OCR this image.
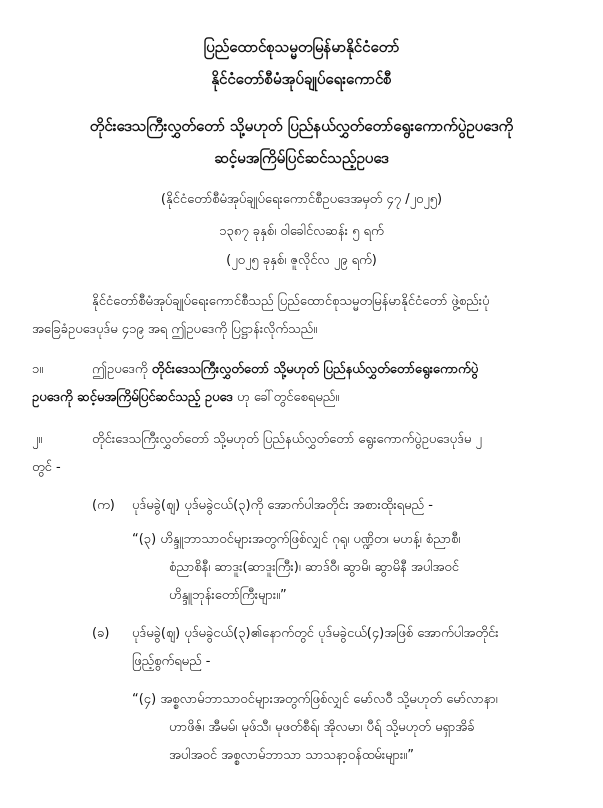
ပြည်ထောင်စုသမ္မတမြန်မာနိုင်ငံတော်
နိုင်ငံတော်စီမံအုပ်ချုပ်ရေးကောင်စီ
တိုင်းဒေသကြီးလွှတ်တော် သို့မဟုတ် ပြည်နယ်လွှတ်တော်ရွေးကောက်ပွဲဥပဒေကို
ဆင့်မအကြိမ်ပြင်ဆင်သည့်ဥပဒေ
(နိုင်ငံတော်စီမံအုပ်ချုပ်ရေးကောင်စီဥပဒေအမှတ် ၄၇ /၂၀၂၅)
၁၃၈၇ ခုနှစ်၊ ဝါခေါင်လဆန်း ၅ ရက်
(၂၀၂၅ ခုနှစ်၊ ဇူလိုင်လ ၂၉ ရက်)
နိုင်ငံတော်စီမံအုပ်ချုပ်ရေးကောင်စီသည် ပြည်ထောင်စုသမ္မတမြန်မာနိုင်ငံတော် ဖွဲ့စည်းပုံ
အခြေခံဥပဒေပုဒ်မ ၄၁၉ အရ ဤဥပဒေကို ပြဋ္ဌာန်းလိုက်သည်။
၁။	ဤဥပဒေကို တိုင်းဒေသကြီးလွှတ်တော် သို့မဟုတ် ပြည်နယ်လွှတ်တော်ရွေးကောက်ပွဲ
ဥပဒေကို ဆင့်မအကြိမ်ပြင်ဆင်သည့် ဥပဒေ ဟု ခေါ်တွင်စေရမည်။
၂။	တိုင်းဒေသကြီးလွှတ်တော် သို့မဟုတ် ပြည်နယ်လွှတ်တော် ရွေးကောက်ပွဲဥပဒေပုဒ်မ ၂
တွင် -
(က) ပုဒ်မခွဲ(ဈ) ပုဒ်မခွဲငယ်(၃)ကို အောက်ပါအတိုင်း အစားထိုးရမည် -
“(၃) ဟိန္ဒူဘာသာဝင်များအတွက်ဖြစ်လျှင် ဂုရု၊ ပဏ္ဍိတ၊ မဟန့်၊ စံညာစီ၊
စံညာစိနီ၊ ဆာဒူး(ဆာဒူးကြီး)၊ ဆာဒ်ဝီ၊ ဆွာမိ၊ ဆွာမိနီ အပါအဝင်
ဟိန္ဒူဘုန်းတော်ကြီးများ။”
(ခ) ပုဒ်မခွဲ(ဈ) ပုဒ်မခွဲငယ်(၃)၏နောက်တွင် ပုဒ်မခွဲငယ်(၄)အဖြစ် အောက်ပါအတိုင်း
ဖြည့်စွက်ရမည် -
“(၄) အစ္စလာမ်ဘာသာဝင်များအတွက်ဖြစ်လျှင် မော်လဝီ သို့မဟုတ် မော်လာနာ၊
ဟာဖိဇ်၊ အီမမ်၊ မုဖ်သီ၊ မုဖတ်စီရ်၊ အိုလမာ၊ ပီရ် သို့မဟုတ် မရှာအိခ်
အပါအဝင် အစ္စလာမ်ဘာသာ သာသနာ့ဝန်ထမ်းများ။”
